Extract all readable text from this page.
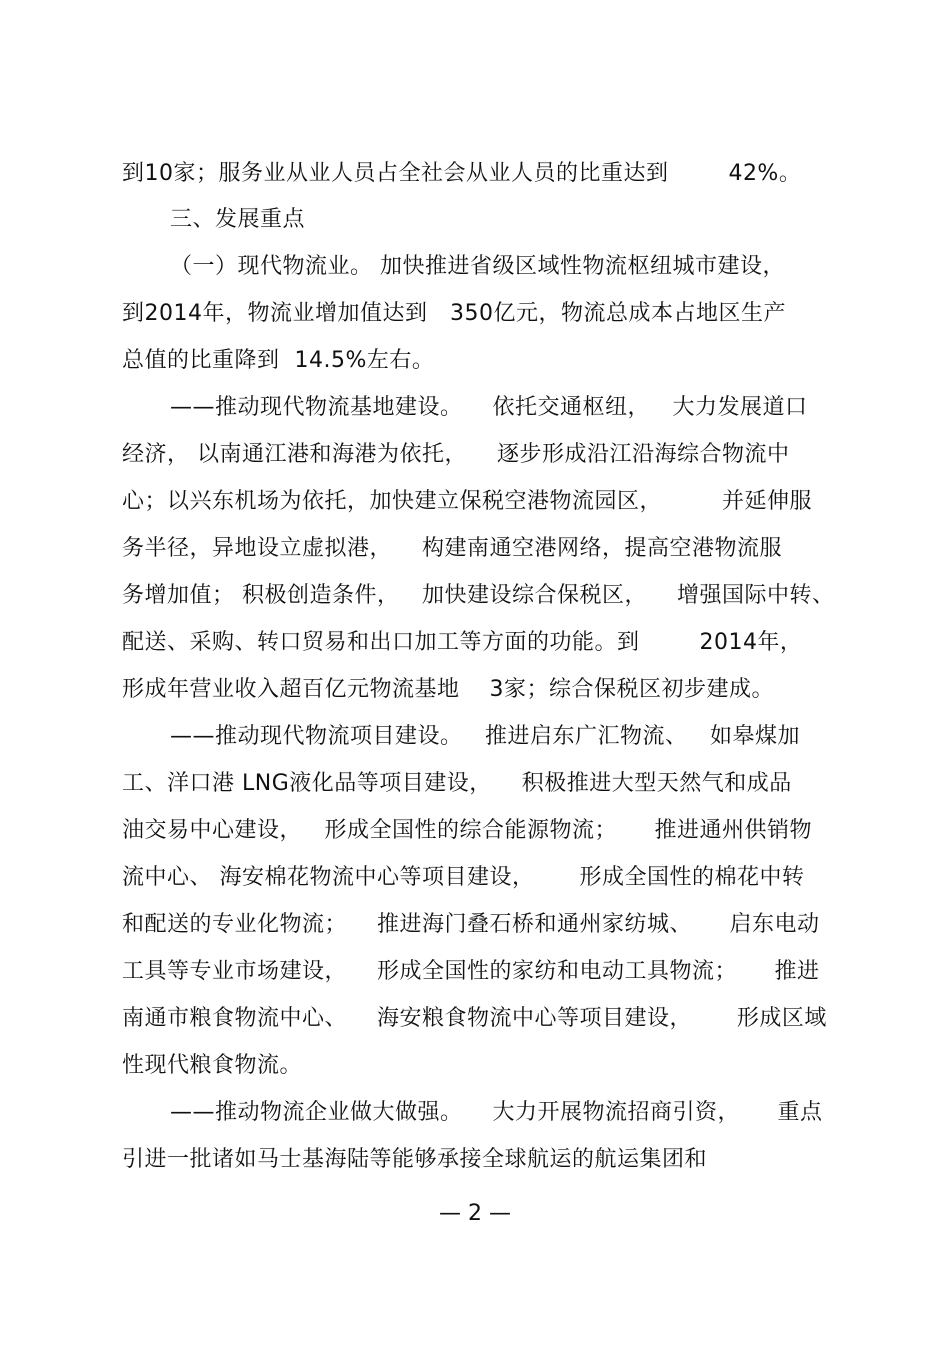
到10家；服务业从业人员占全社会从业人员的比重达到        42%。
三、发展重点
（一）现代物流业。 加快推进省级区域性物流枢纽城市建设，
到2014年，物流业增加值达到   350亿元，物流总成本占地区生产
总值的比重降到  14.5%左右。
——推动现代物流基地建设。    依托交通枢纽，   大力发展道口
经济， 以南通江港和海港为依托，    逐步形成沿江沿海综合物流中
心；以兴东机场为依托，加快建立保税空港物流园区，        并延伸服
务半径，异地设立虚拟港，    构建南通空港网络，提高空港物流服
务增加值； 积极创造条件，   加快建设综合保税区，    增强国际中转、
配送、采购、转口贸易和出口加工等方面的功能。到        2014年，
形成年营业收入超百亿元物流基地    3家；综合保税区初步建成。
——推动现代物流项目建设。   推进启东广汇物流、   如皋煤加
工、洋口港 LNG液化品等项目建设，    积极推进大型天然气和成品
油交易中心建设，   形成全国性的综合能源物流；     推进通州供销物
流中心、 海安棉花物流中心等项目建设，      形成全国性的棉花中转
和配送的专业化物流；    推进海门叠石桥和通州家纺城、     启东电动
工具等专业市场建设，    形成全国性的家纺和电动工具物流；     推进
南通市粮食物流中心、    海安粮食物流中心等项目建设，      形成区域
性现代粮食物流。
——推动物流企业做大做强。    大力开展物流招商引资，     重点
引进一批诸如马士基海陆等能够承接全球航运的航运集团和
— 2 —
